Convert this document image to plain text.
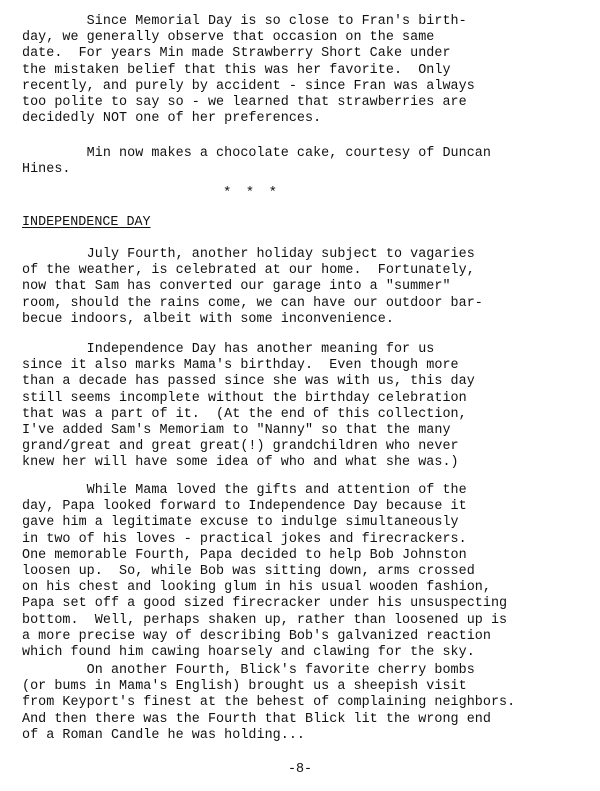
Since Memorial Day is so close to Fran's birth-
day, we generally observe that occasion on the same
date.  For years Min made Strawberry Short Cake under
the mistaken belief that this was her favorite.  Only
recently, and purely by accident - since Fran was always
too polite to say so - we learned that strawberries are
decidedly NOT one of her preferences.
Min now makes a chocolate cake, courtesy of Duncan
Hines.
* * *
INDEPENDENCE DAY
July Fourth, another holiday subject to vagaries
of the weather, is celebrated at our home.  Fortunately,
now that Sam has converted our garage into a "summer"
room, should the rains come, we can have our outdoor bar-
becue indoors, albeit with some inconvenience.
Independence Day has another meaning for us
since it also marks Mama's birthday.  Even though more
than a decade has passed since she was with us, this day
still seems incomplete without the birthday celebration
that was a part of it.  (At the end of this collection,
I've added Sam's Memoriam to "Nanny" so that the many
grand/great and great great(!) grandchildren who never
knew her will have some idea of who and what she was.)
While Mama loved the gifts and attention of the
day, Papa looked forward to Independence Day because it
gave him a legitimate excuse to indulge simultaneously
in two of his loves - practical jokes and firecrackers.
One memorable Fourth, Papa decided to help Bob Johnston
loosen up.  So, while Bob was sitting down, arms crossed
on his chest and looking glum in his usual wooden fashion,
Papa set off a good sized firecracker under his unsuspecting
bottom.  Well, perhaps shaken up, rather than loosened up is
a more precise way of describing Bob's galvanized reaction
which found him cawing hoarsely and clawing for the sky.
On another Fourth, Blick's favorite cherry bombs
(or bums in Mama's English) brought us a sheepish visit
from Keyport's finest at the behest of complaining neighbors.
And then there was the Fourth that Blick lit the wrong end
of a Roman Candle he was holding...
-8-
